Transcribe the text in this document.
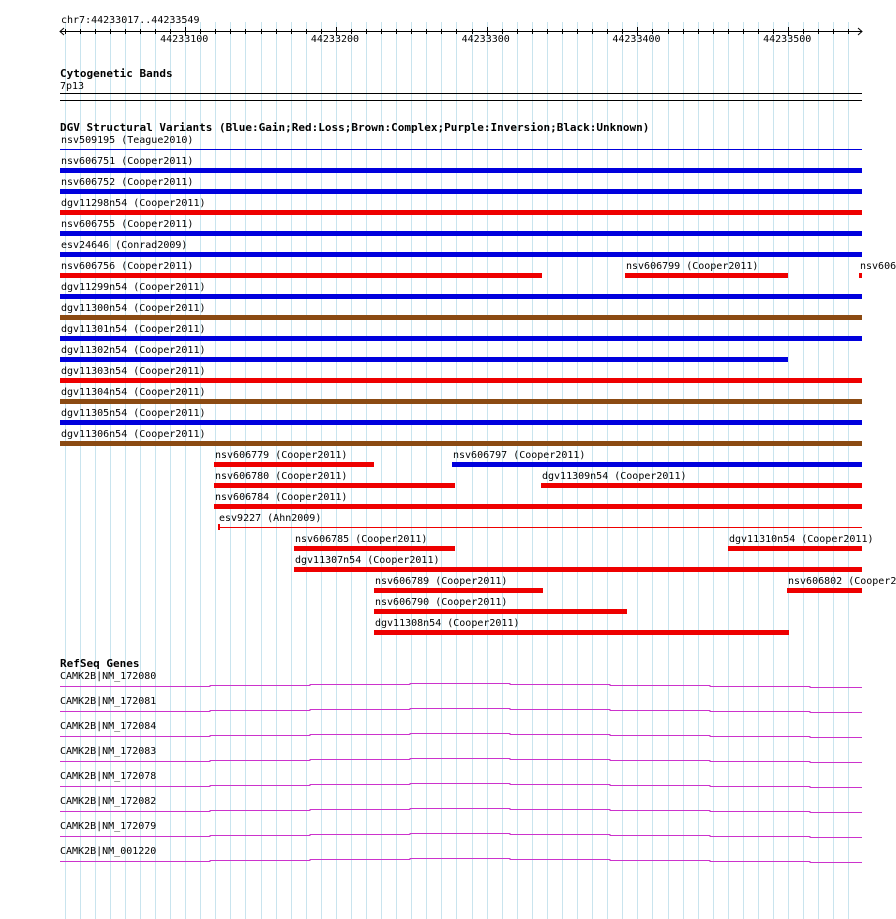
chr7:44233017..44233549
44233100	44233200	44233300	44233400	44233500
Cytogenetic Bands
7p13
DGV Structural Variants (Blue:Gain;Red:Loss;Brown:Complex;Purple:Inversion;Black:Unknown)
nsv509195 (Teague2010)
nsv606751 (Cooper2011)
nsv606752 (Cooper2011)
dgv11298n54 (Cooper2011)
nsv606755 (Cooper2011)
esv24646 (Conrad2009)
nsv606756 (Cooper2011)	nsv606799 (Cooper2011)	nsv606
dgv11299n54 (Cooper2011)
dgv11300n54 (Cooper2011)
dgv11301n54 (Cooper2011)
dgv11302n54 (Cooper2011)
dgv11303n54 (Cooper2011)
dgv11304n54 (Cooper2011)
dgv11305n54 (Cooper2011)
dgv11306n54 (Cooper2011)
nsv606779 (Cooper2011)	nsv606797 (Cooper2011)
nsv606780 (Cooper2011)	dgv11309n54 (Cooper2011)
nsv606784 (Cooper2011)
esv9227 (Ahn2009)
nsv606785 (Cooper2011)	dgv11310n54 (Cooper2011)
dgv11307n54 (Cooper2011)
nsv606789 (Cooper2011)	nsv606802 (Cooper2
nsv606790 (Cooper2011)
dgv11308n54 (Cooper2011)
RefSeq Genes
CAMK2B|NM_172080
CAMK2B|NM_172081
CAMK2B|NM_172084
CAMK2B|NM_172083
CAMK2B|NM_172078
CAMK2B|NM_172082
CAMK2B|NM_172079
CAMK2B|NM_001220
